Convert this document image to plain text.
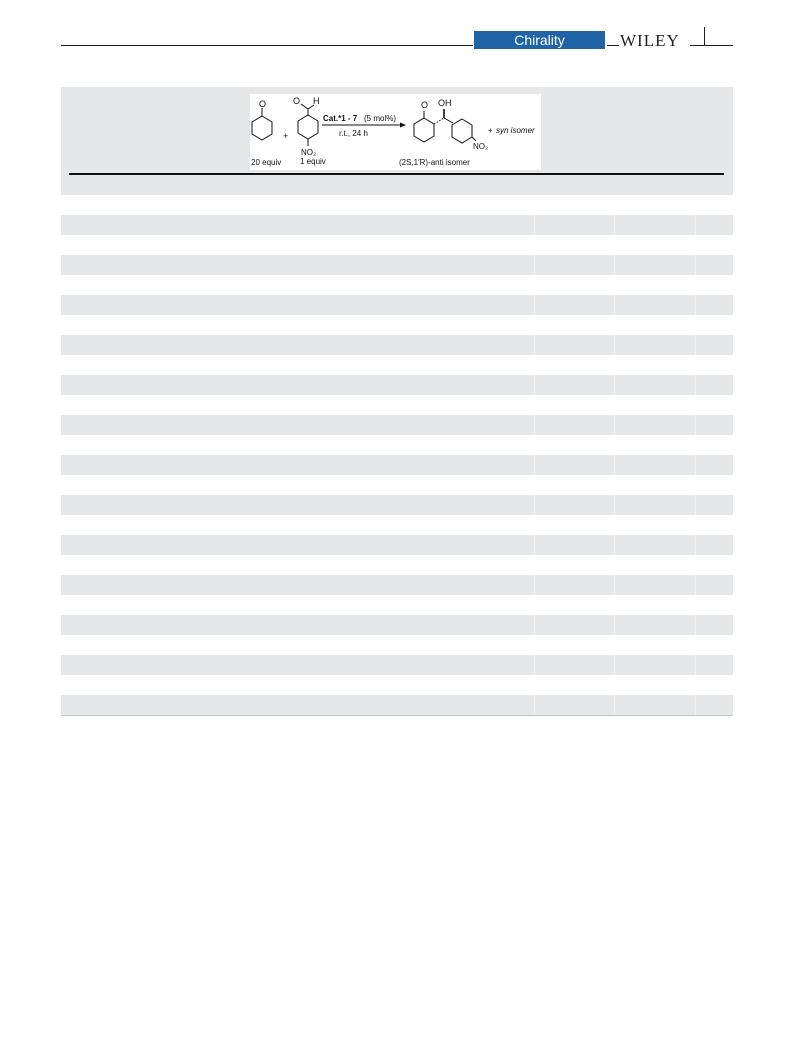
Chirality	WILEY
O
+
O H
NO₂
Cat.*1 - 7 (5 mol%)
r.t., 24 h
O OH
NO₂
+ syn isomer
20 equiv 1 equiv	(2S,1′R)-anti isomer
